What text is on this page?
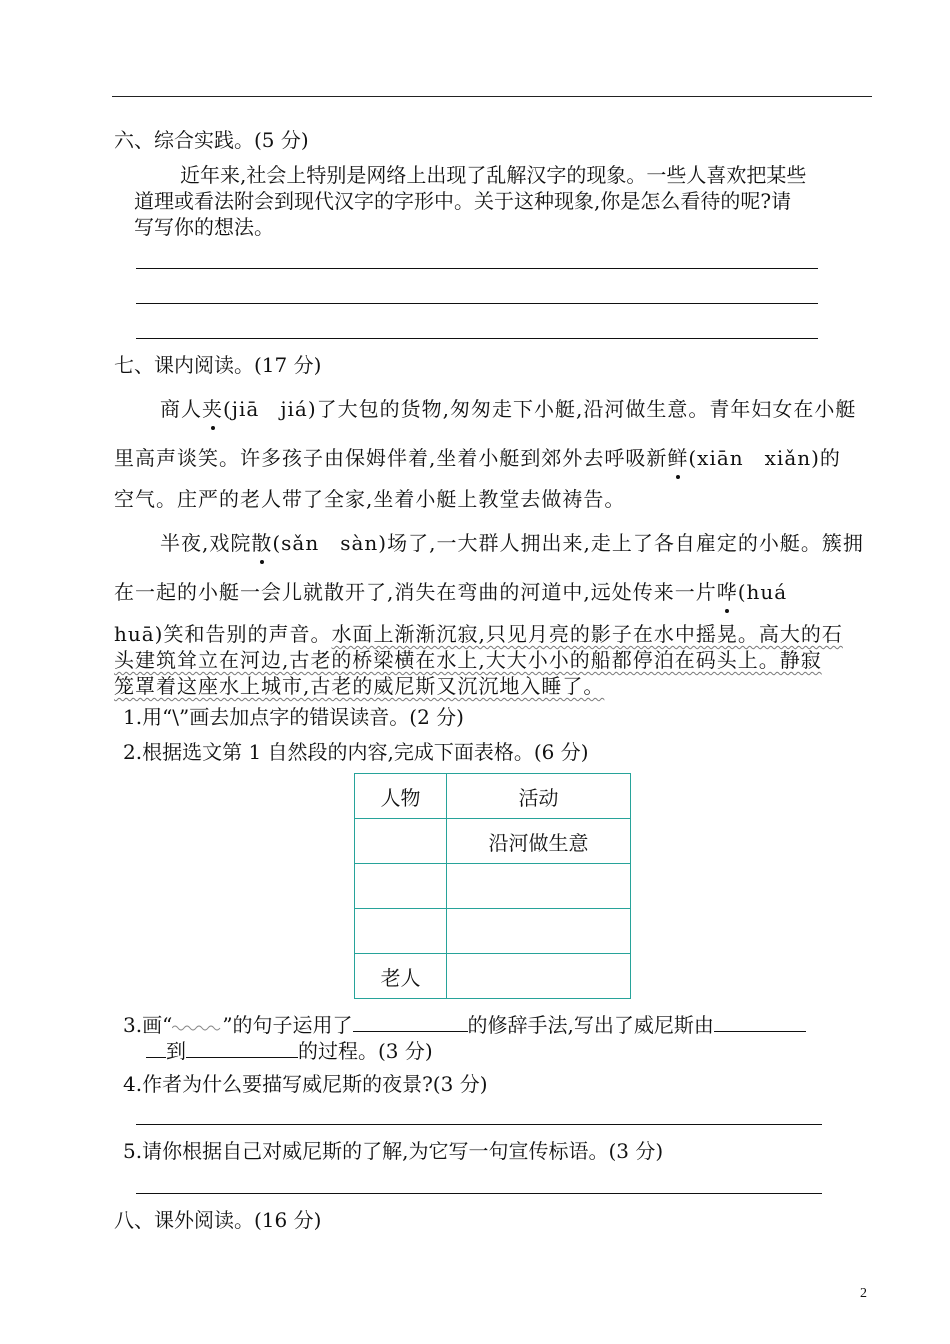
六、综合实践。(5 分)
近年来,社会上特别是网络上出现了乱解汉字的现象。一些人喜欢把某些
道理或看法附会到现代汉字的字形中。关于这种现象,你是怎么看待的呢?请
写写你的想法。
七、课内阅读。(17 分)
商人夹(jiā　jiá)了大包的货物,匆匆走下小艇,沿河做生意。青年妇女在小艇
里高声谈笑。许多孩子由保姆伴着,坐着小艇到郊外去呼吸新鲜(xiān　xiǎn)的
空气。庄严的老人带了全家,坐着小艇上教堂去做祷告。
半夜,戏院散(sǎn　sàn)场了,一大群人拥出来,走上了各自雇定的小艇。簇拥
在一起的小艇一会儿就散开了,消失在弯曲的河道中,远处传来一片哗(huá
huā)笑和告别的声音。水面上渐渐沉寂,只见月亮的影子在水中摇晃。高大的石
头建筑耸立在河边,古老的桥梁横在水上,大大小小的船都停泊在码头上。静寂
笼罩着这座水上城市,古老的威尼斯又沉沉地入睡了。
1.用“\”画去加点字的错误读音。(2 分)
2.根据选文第 1 自然段的内容,完成下面表格。(6 分)
人物	活动
	沿河做生意

老人	
3.画“	”的句子运用了	的修辞手法,写出了威尼斯由
到	的过程。(3 分)
4.作者为什么要描写威尼斯的夜景?(3 分)
5.请你根据自己对威尼斯的了解,为它写一句宣传标语。(3 分)
八、课外阅读。(16 分)
2
